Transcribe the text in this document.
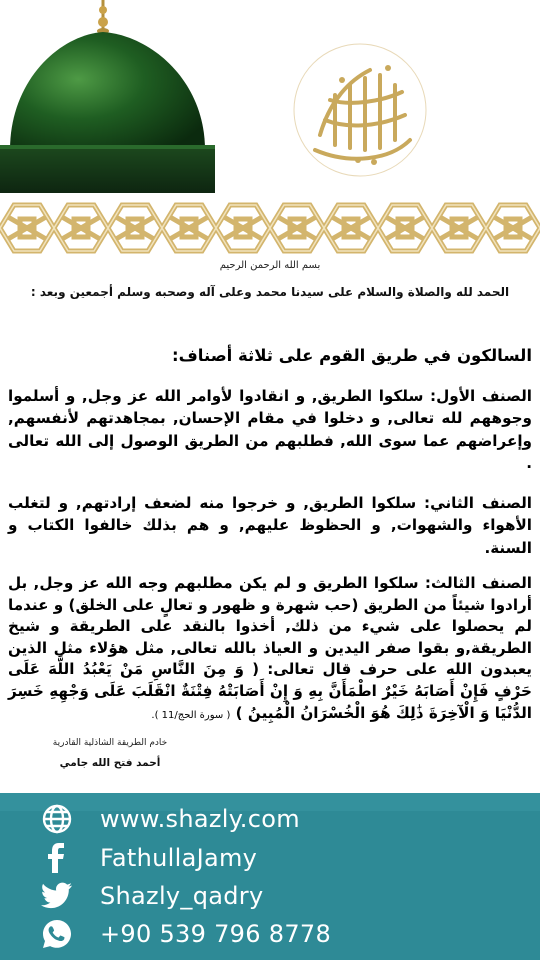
بسم الله الرحمن الرحيم
الحمد لله والصلاة والسلام على سيدنا محمد وعلى آله وصحبه وسلم أجمعين وبعد :
السالكون في طريق القوم على ثلاثة أصناف:
الصنف الأول: سلكوا الطريق, و انقادوا لأوامر الله عز وجل, و أسلموا وجوههم لله تعالى, و دخلوا في مقام الإحسان, بمجاهدتهم لأنفسهم, وإعراضهم عما سوى الله, فطلبهم من الطريق الوصول إلى الله تعالى .
الصنف الثاني: سلكوا الطريق, و خرجوا منه لضعف إرادتهم, و لتغلب الأهواء والشهوات, و الحظوظ عليهم, و هم بذلك خالفوا الكتاب و السنة.
الصنف الثالث: سلكوا الطريق و لم يكن مطلبهم وجه الله عز وجل, بل أرادوا شيئاً من الطريق (حب شهرة و ظهور و تعالٍ على الخلق) و عندما لم يحصلوا على شيء من ذلك, أخذوا بالنقد على الطريقة و شيخ الطريقة,و بقوا صفر اليدين و العياذ بالله تعالى, مثل هؤلاء مثل الذين يعبدون الله على حرف قال تعالى: ( وَ مِنَ النَّاسِ مَنْ يَعْبُدُ اللَّهَ عَلَى حَرْفٍ فَإِنْ أَصَابَهُ خَيْرٌ اطْمَأَنَّ بِهِ وَ إِنْ أَصَابَتْهُ فِتْنَةٌ انْقَلَبَ عَلَى وَجْهِهِ خَسِرَ الدُّنْيَا وَ الْآخِرَةَ ذَٰلِكَ هُوَ الْخُسْرَانُ الْمُبِينُ ) ( سورة الحج/11 ).
خادم الطريقة الشاذلية القادرية
أحمد فتح الله جامي
www.shazly.com
FathullaJamy
Shazly_qadry
+90 539 796 8778
